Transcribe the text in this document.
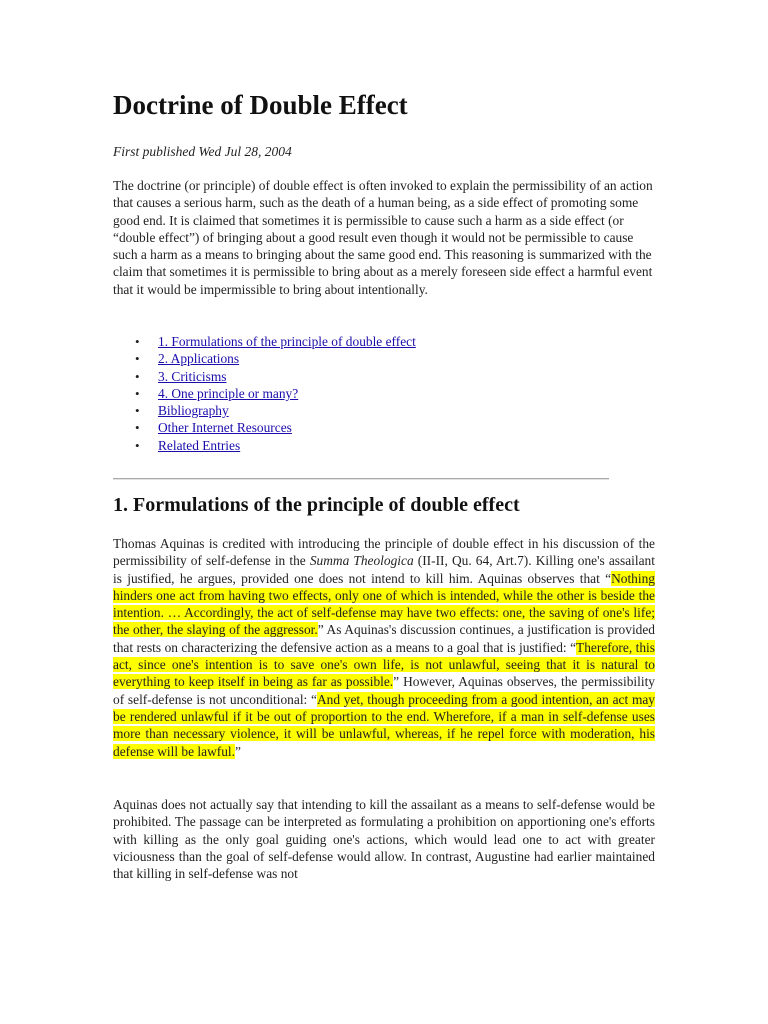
Doctrine of Double Effect

First published Wed Jul 28, 2004

The doctrine (or principle) of double effect is often invoked to explain the permissibility of an action that causes a serious harm, such as the death of a human being, as a side effect of promoting some good end. It is claimed that sometimes it is permissible to cause such a harm as a side effect (or “double effect”) of bringing about a good result even though it would not be permissible to cause such a harm as a means to bringing about the same good end. This reasoning is summarized with the claim that sometimes it is permissible to bring about as a merely foreseen side effect a harmful event that it would be impermissible to bring about intentionally.

• 1. Formulations of the principle of double effect
• 2. Applications
• 3. Criticisms
• 4. One principle or many?
• Bibliography
• Other Internet Resources
• Related Entries
1. Formulations of the principle of double effect

Thomas Aquinas is credited with introducing the principle of double effect in his discussion of the permissibility of self-defense in the Summa Theologica (II-II, Qu. 64, Art.7). Killing one's assailant is justified, he argues, provided one does not intend to kill him. Aquinas observes that “Nothing hinders one act from having two effects, only one of which is intended, while the other is beside the intention. … Accordingly, the act of self-defense may have two effects: one, the saving of one's life; the other, the slaying of the aggressor.” As Aquinas's discussion continues, a justification is provided that rests on characterizing the defensive action as a means to a goal that is justified: “Therefore, this act, since one's intention is to save one's own life, is not unlawful, seeing that it is natural to everything to keep itself in being as far as possible.” However, Aquinas observes, the permissibility of self-defense is not unconditional: “And yet, though proceeding from a good intention, an act may be rendered unlawful if it be out of proportion to the end. Wherefore, if a man in self-defense uses more than necessary violence, it will be unlawful, whereas, if he repel force with moderation, his defense will be lawful.”

Aquinas does not actually say that intending to kill the assailant as a means to self-defense would be prohibited. The passage can be interpreted as formulating a prohibition on apportioning one's efforts with killing as the only goal guiding one's actions, which would lead one to act with greater viciousness than the goal of self-defense would allow. In contrast, Augustine had earlier maintained that killing in self-defense was not
